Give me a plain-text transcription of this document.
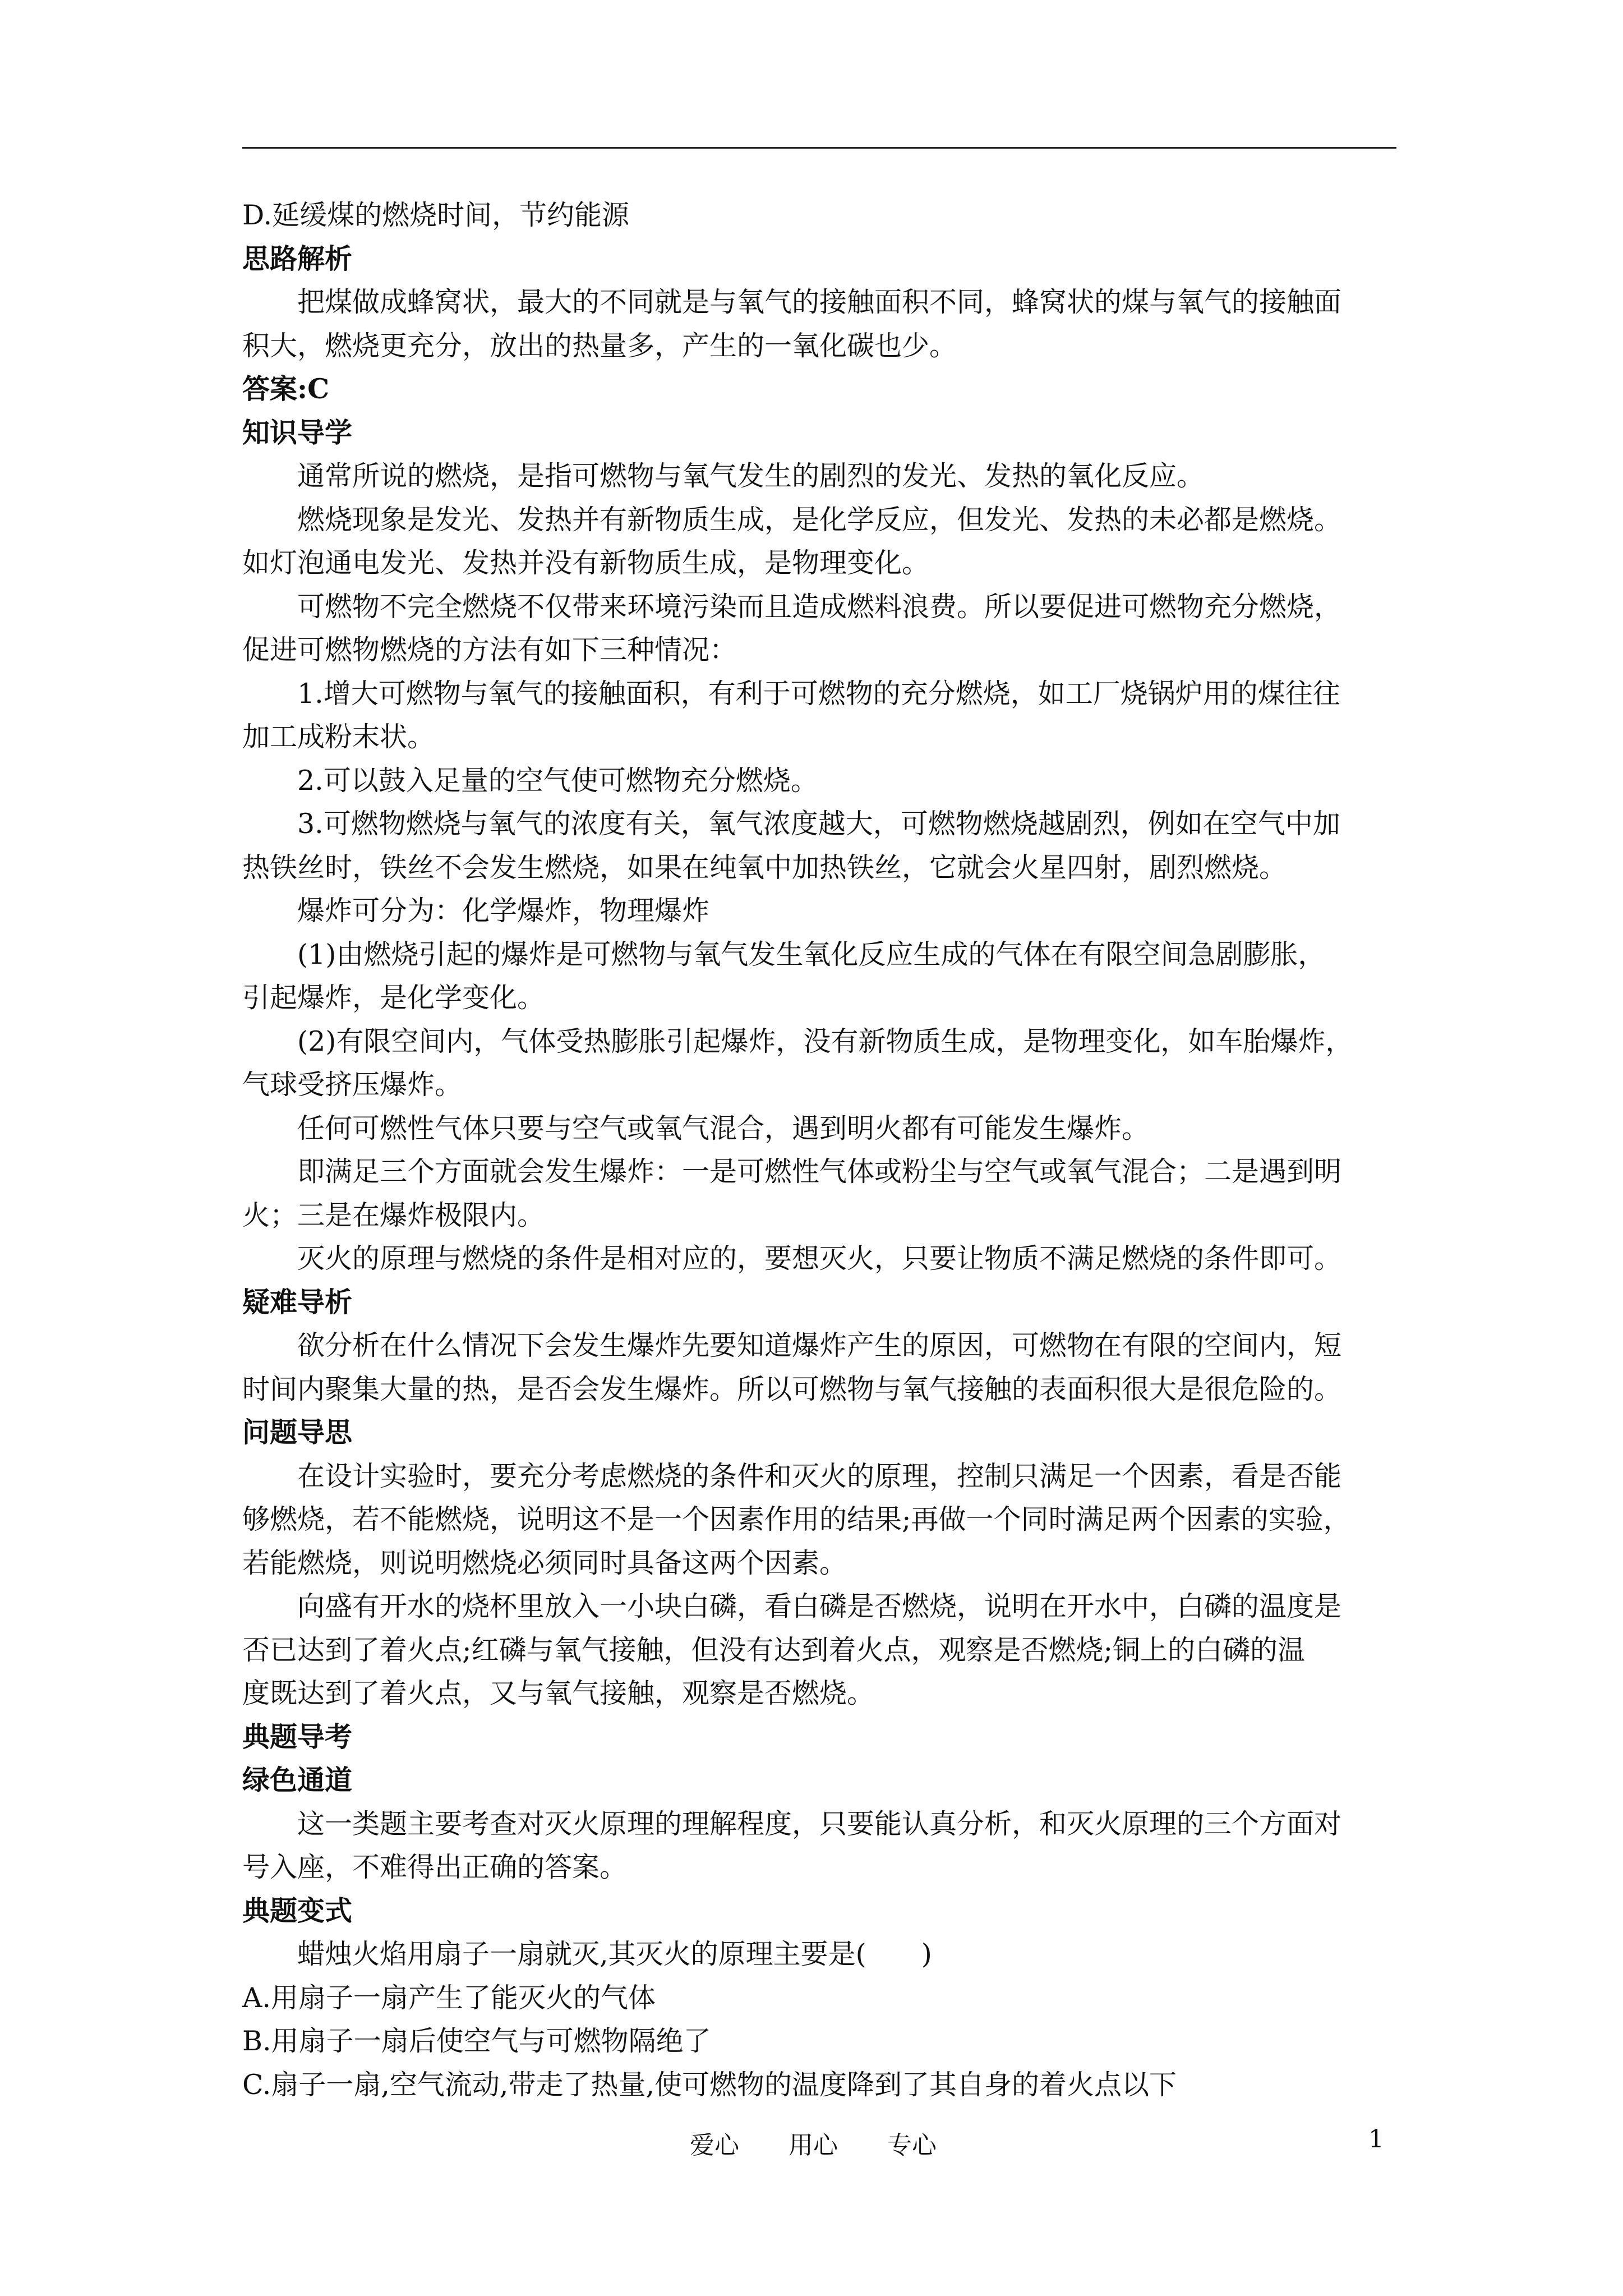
D.延缓煤的燃烧时间，节约能源

思路解析

把煤做成蜂窝状，最大的不同就是与氧气的接触面积不同，蜂窝状的煤与氧气的接触面

积大，燃烧更充分，放出的热量多，产生的一氧化碳也少。

答案:C

知识导学

通常所说的燃烧，是指可燃物与氧气发生的剧烈的发光、发热的氧化反应。

燃烧现象是发光、发热并有新物质生成，是化学反应，但发光、发热的未必都是燃烧。

如灯泡通电发光、发热并没有新物质生成，是物理变化。

可燃物不完全燃烧不仅带来环境污染而且造成燃料浪费。所以要促进可燃物充分燃烧，

促进可燃物燃烧的方法有如下三种情况：

1.增大可燃物与氧气的接触面积，有利于可燃物的充分燃烧，如工厂烧锅炉用的煤往往

加工成粉末状。

2.可以鼓入足量的空气使可燃物充分燃烧。

3.可燃物燃烧与氧气的浓度有关，氧气浓度越大，可燃物燃烧越剧烈，例如在空气中加

热铁丝时，铁丝不会发生燃烧，如果在纯氧中加热铁丝，它就会火星四射，剧烈燃烧。

爆炸可分为：化学爆炸，物理爆炸

(1)由燃烧引起的爆炸是可燃物与氧气发生氧化反应生成的气体在有限空间急剧膨胀，

引起爆炸，是化学变化。

(2)有限空间内，气体受热膨胀引起爆炸，没有新物质生成，是物理变化，如车胎爆炸，

气球受挤压爆炸。

任何可燃性气体只要与空气或氧气混合，遇到明火都有可能发生爆炸。

即满足三个方面就会发生爆炸：一是可燃性气体或粉尘与空气或氧气混合；二是遇到明

火；三是在爆炸极限内。

灭火的原理与燃烧的条件是相对应的，要想灭火，只要让物质不满足燃烧的条件即可。

疑难导析

欲分析在什么情况下会发生爆炸先要知道爆炸产生的原因，可燃物在有限的空间内，短

时间内聚集大量的热，是否会发生爆炸。所以可燃物与氧气接触的表面积很大是很危险的。

问题导思

在设计实验时，要充分考虑燃烧的条件和灭火的原理，控制只满足一个因素，看是否能

够燃烧，若不能燃烧，说明这不是一个因素作用的结果;再做一个同时满足两个因素的实验，

若能燃烧，则说明燃烧必须同时具备这两个因素。

向盛有开水的烧杯里放入一小块白磷，看白磷是否燃烧，说明在开水中，白磷的温度是

否已达到了着火点;红磷与氧气接触，但没有达到着火点，观察是否燃烧;铜上的白磷的温

度既达到了着火点，又与氧气接触，观察是否燃烧。

典题导考

绿色通道

这一类题主要考查对灭火原理的理解程度，只要能认真分析，和灭火原理的三个方面对

号入座，不难得出正确的答案。

典题变式

蜡烛火焰用扇子一扇就灭,其灭火的原理主要是(　　)

A.用扇子一扇产生了能灭火的气体

B.用扇子一扇后使空气与可燃物隔绝了

C.扇子一扇,空气流动,带走了热量,使可燃物的温度降到了其自身的着火点以下

爱心　　用心　　专心	1
